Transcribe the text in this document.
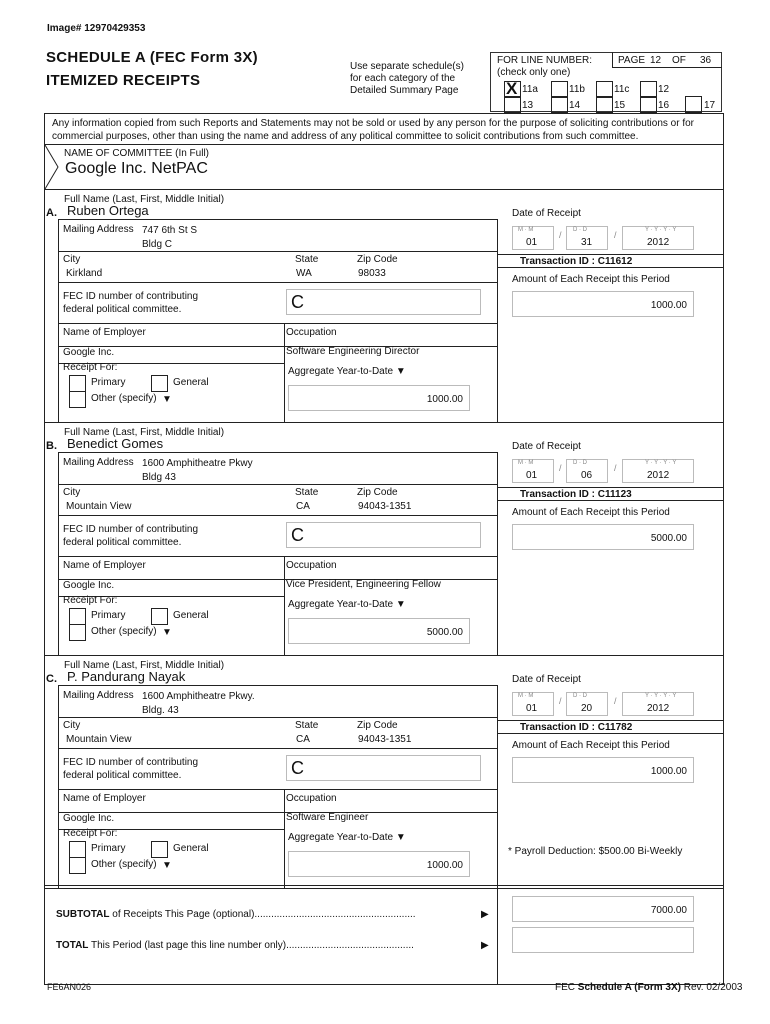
Image# 12970429353
SCHEDULE A (FEC Form 3X)
ITEMIZED RECEIPTS
Use separate schedule(s)
for each category of the
Detailed Summary Page
FOR LINE NUMBER:
(check only one)
PAGE 12 OF 36
X 11a	11b	11c	12
13	14	15	16	17
Any information copied from such Reports and Statements may not be sold or used by any person for the purpose of soliciting contributions or for commercial purposes, other than using the name and address of any political committee to solicit contributions from such committee.
NAME OF COMMITTEE (In Full)
Google Inc. NetPAC
Full Name (Last, First, Middle Initial)
A. Ruben Ortega
Mailing Address 747 6th St S
Bldg C
City	State	Zip Code
Kirkland	WA	98033
FEC ID number of contributing
federal political committee.	C
Name of Employer	Occupation
Google Inc.	Software Engineering Director
Receipt For:
Primary	General
Other (specify) ▼
Aggregate Year-to-Date ▼
1000.00
Date of Receipt
M · M
01
/ D · D
31
/	Y · Y · Y · Y
2012
Transaction ID : C11612
Amount of Each Receipt this Period
1000.00
Full Name (Last, First, Middle Initial)
B. Benedict Gomes
Mailing Address 1600 Amphitheatre Pkwy
Bldg 43
City	State	Zip Code
Mountain View	CA	94043-1351
FEC ID number of contributing
federal political committee.	C
Name of Employer	Occupation
Google Inc.	Vice President, Engineering Fellow
Receipt For:
Primary	General
Other (specify) ▼
Aggregate Year-to-Date ▼
5000.00
Date of Receipt
M · M
01
/ D · D
06
/	Y · Y · Y · Y
2012
Transaction ID : C11123
Amount of Each Receipt this Period
5000.00
Full Name (Last, First, Middle Initial)
C. P. Pandurang Nayak
Mailing Address 1600 Amphitheatre Pkwy.
Bldg. 43
City	State	Zip Code
Mountain View	CA	94043-1351
FEC ID number of contributing
federal political committee.	C
Name of Employer	Occupation
Google Inc.	Software Engineer
Receipt For:
Primary	General
Other (specify) ▼
Aggregate Year-to-Date ▼
1000.00
Date of Receipt
M · M
01
/ D · D
20
/	Y · Y · Y · Y
2012
Transaction ID : C11782
Amount of Each Receipt this Period
1000.00
* Payroll Deduction: $500.00 Bi-Weekly
SUBTOTAL of Receipts This Page (optional)..........................................................	▶	7000.00
TOTAL This Period (last page this line number only)..............................................	▶
FE6AN026	FEC Schedule A (Form 3X) Rev. 02/2003
